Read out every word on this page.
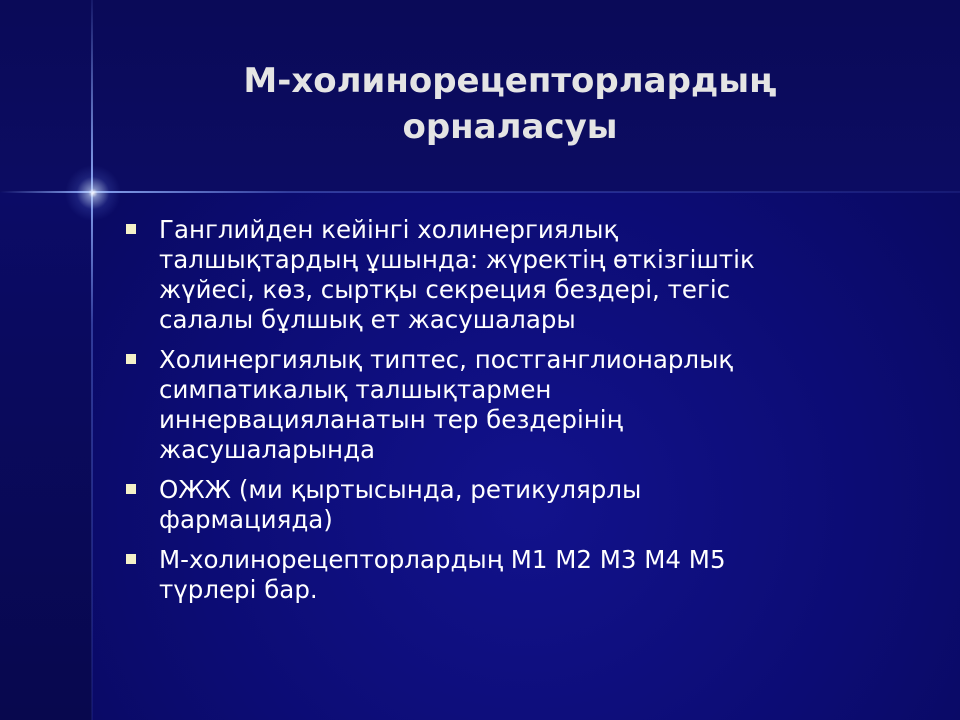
М-холинорецепторлардың
орналасуы
Ганглийден кейінгі холинергиялық
талшықтардың ұшында: жүректің өткізгіштік
жүйесі, көз, сыртқы секреция бездері, тегіс
салалы бұлшық ет жасушалары
Холинергиялық типтес, постганглионарлық
симпатикалық талшықтармен
иннервацияланатын тер бездерінің
жасушаларында
ОЖЖ (ми қыртысында, ретикулярлы
фармацияда)
М-холинорецепторлардың М1 М2 М3 М4 М5
түрлері бар.
